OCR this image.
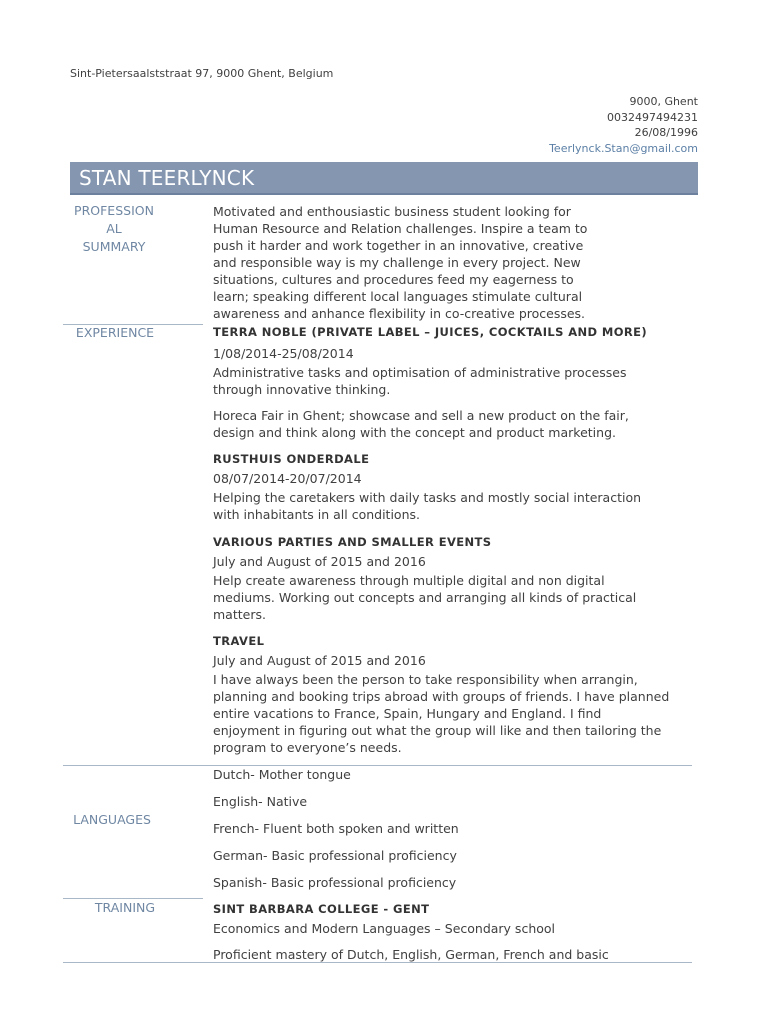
Sint-Pietersaalststraat 97, 9000 Ghent, Belgium
9000, Ghent
0032497494231
26/08/1996
Teerlynck.Stan@gmail.com
STAN TEERLYNCK
PROFESSION
AL
SUMMARY
Motivated and enthousiastic business student looking for
Human Resource and Relation challenges. Inspire a team to
push it harder and work together in an innovative, creative
and responsible way is my challenge in every project. New
situations, cultures and procedures feed my eagerness to
learn; speaking different local languages stimulate cultural
awareness and anhance flexibility in co-creative processes.
EXPERIENCE	TERRA NOBLE (PRIVATE LABEL – JUICES, COCKTAILS AND MORE)
1/08/2014-25/08/2014
Administrative tasks and optimisation of administrative processes
through innovative thinking.
Horeca Fair in Ghent; showcase and sell a new product on the fair,
design and think along with the concept and product marketing.
RUSTHUIS ONDERDALE
08/07/2014-20/07/2014
Helping the caretakers with daily tasks and mostly social interaction
with inhabitants in all conditions.
VARIOUS PARTIES AND SMALLER EVENTS
July and August of 2015 and 2016
Help create awareness through multiple digital and non digital
mediums. Working out concepts and arranging all kinds of practical
matters.
TRAVEL
July and August of 2015 and 2016
I have always been the person to take responsibility when arrangin,
planning and booking trips abroad with groups of friends. I have planned
entire vacations to France, Spain, Hungary and England. I find
enjoyment in figuring out what the group will like and then tailoring the
program to everyone’s needs.
LANGUAGES
Dutch- Mother tongue
English- Native
French- Fluent both spoken and written
German- Basic professional proficiency
Spanish- Basic professional proficiency
TRAINING	SINT BARBARA COLLEGE - GENT
Economics and Modern Languages – Secondary school
Proficient mastery of Dutch, English, German, French and basic
